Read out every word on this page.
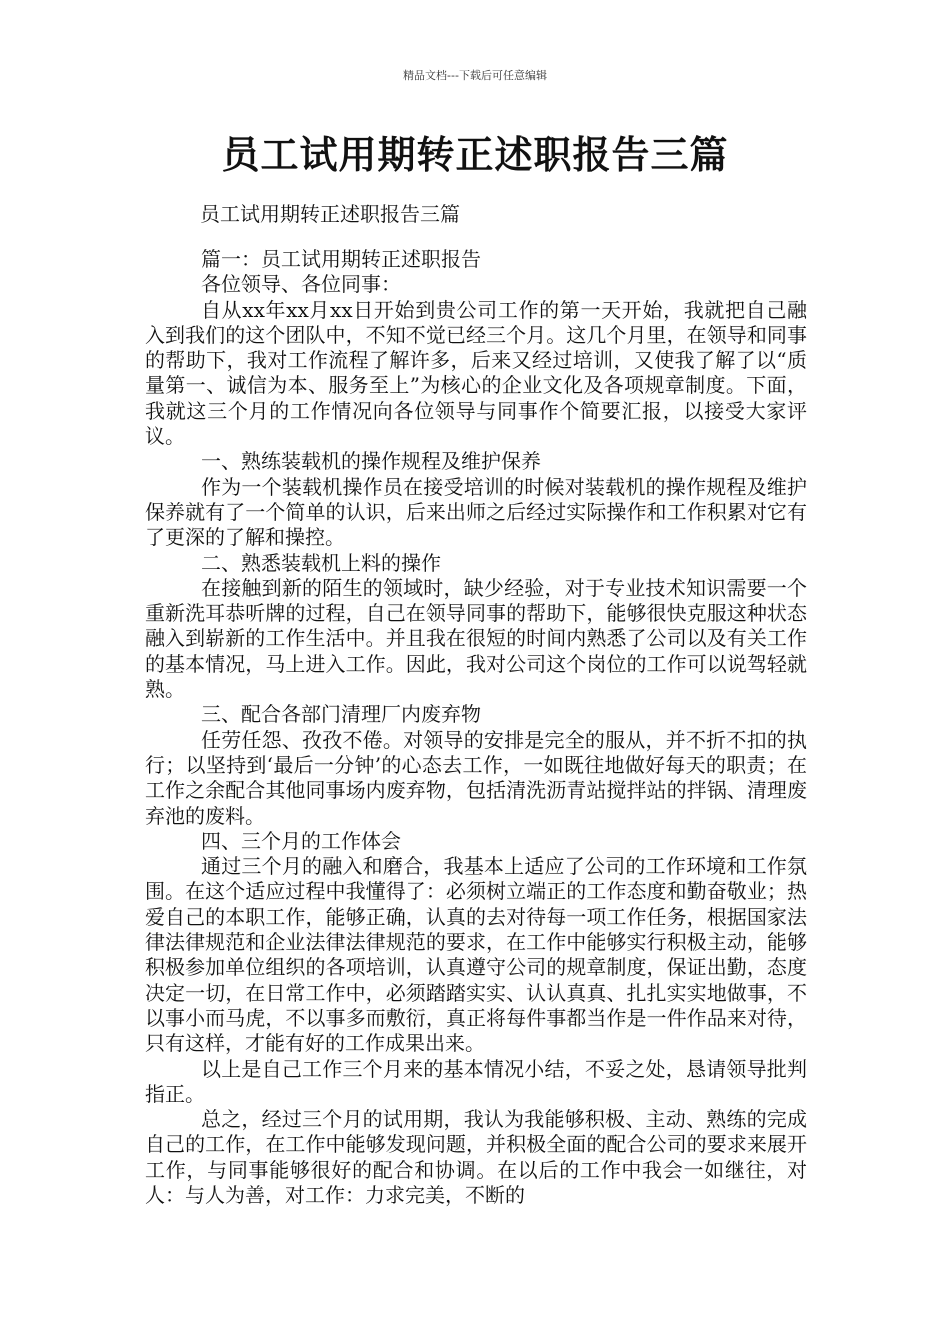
精品文档---下载后可任意编辑
员工试用期转正述职报告三篇

员工试用期转正述职报告三篇

篇一：员工试用期转正述职报告

各位领导、各位同事：

自从xx年xx月xx日开始到贵公司工作的第一天开始，我就把自己融入到我们的这个团队中，不知不觉已经三个月。这几个月里，在领导和同事的帮助下，我对工作流程了解许多，后来又经过培训，又使我了解了以“质量第一、诚信为本、服务至上”为核心的企业文化及各项规章制度。下面，我就这三个月的工作情况向各位领导与同事作个简要汇报，以接受大家评议。

一、熟练装载机的操作规程及维护保养

作为一个装载机操作员在接受培训的时候对装载机的操作规程及维护保养就有了一个简单的认识，后来出师之后经过实际操作和工作积累对它有了更深的了解和操控。

二、熟悉装载机上料的操作

在接触到新的陌生的领域时，缺少经验，对于专业技术知识需要一个重新洗耳恭听牌的过程，自己在领导同事的帮助下，能够很快克服这种状态融入到崭新的工作生活中。并且我在很短的时间内熟悉了公司以及有关工作的基本情况，马上进入工作。因此，我对公司这个岗位的工作可以说驾轻就熟。

三、配合各部门清理厂内废弃物

任劳任怨、孜孜不倦。对领导的安排是完全的服从，并不折不扣的执行；以坚持到‘最后一分钟’的心态去工作，一如既往地做好每天的职责；在工作之余配合其他同事场内废弃物，包括清洗沥青站搅拌站的拌锅、清理废弃池的废料。

四、三个月的工作体会

通过三个月的融入和磨合，我基本上适应了公司的工作环境和工作氛围。在这个适应过程中我懂得了：必须树立端正的工作态度和勤奋敬业；热爱自己的本职工作，能够正确，认真的去对待每一项工作任务，根据国家法律法律规范和企业法律法律规范的要求，在工作中能够实行积极主动，能够积极参加单位组织的各项培训，认真遵守公司的规章制度，保证出勤，态度决定一切，在日常工作中，必须踏踏实实、认认真真、扎扎实实地做事，不以事小而马虎，不以事多而敷衍，真正将每件事都当作是一件作品来对待，只有这样，才能有好的工作成果出来。

以上是自己工作三个月来的基本情况小结，不妥之处，恳请领导批判指正。

总之，经过三个月的试用期，我认为我能够积极、主动、熟练的完成自己的工作，在工作中能够发现问题，并积极全面的配合公司的要求来展开工作，与同事能够很好的配合和协调。在以后的工作中我会一如继往，对人：与人为善，对工作：力求完美，不断的
